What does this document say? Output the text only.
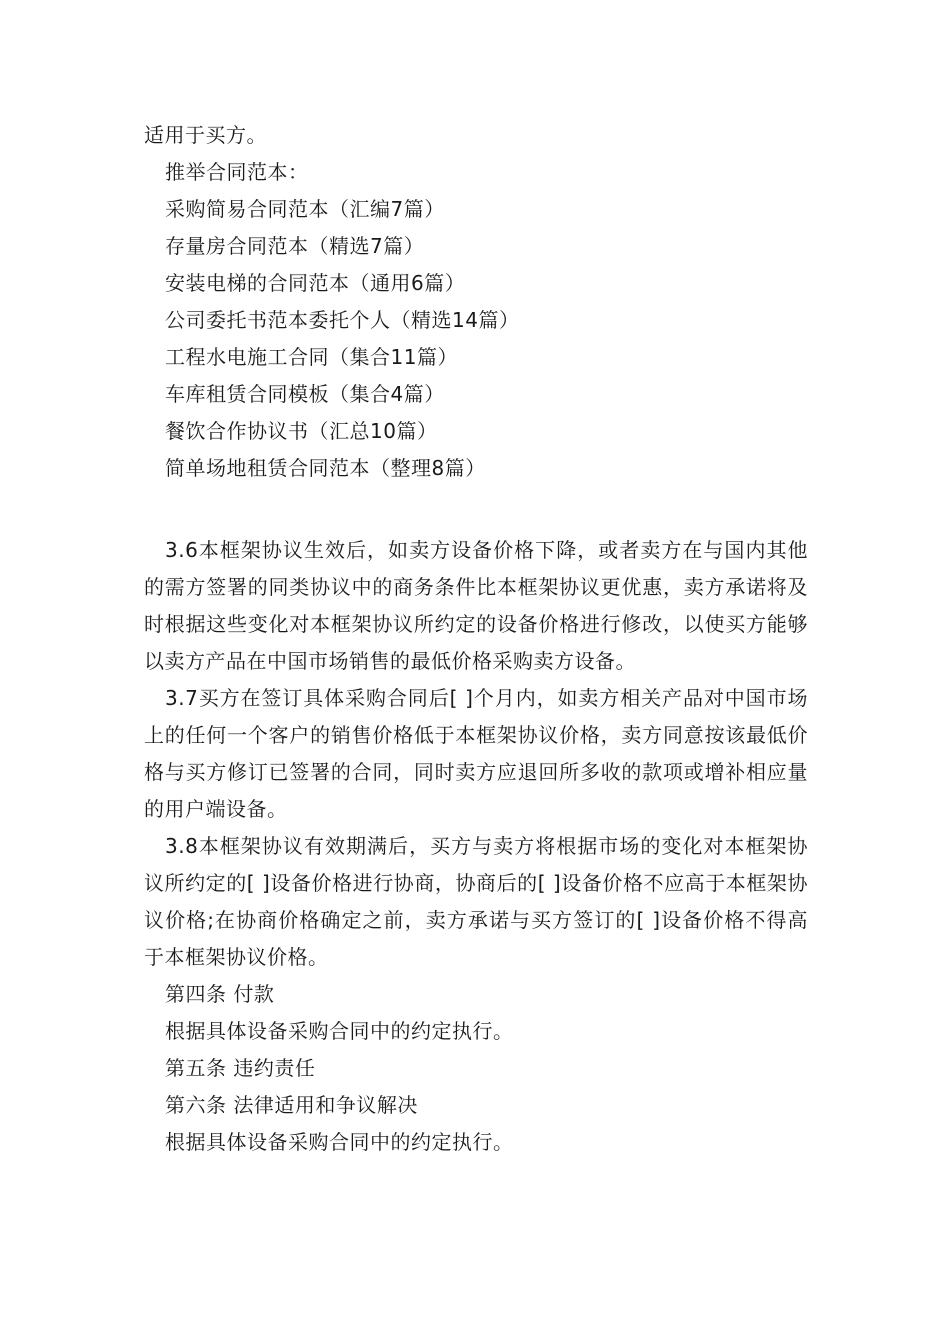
适用于买方。
推举合同范本：
采购简易合同范本（汇编7篇）
存量房合同范本（精选7篇）
安装电梯的合同范本（通用6篇）
公司委托书范本委托个人（精选14篇）
工程水电施工合同（集合11篇）
车库租赁合同模板（集合4篇）
餐饮合作协议书（汇总10篇）
简单场地租赁合同范本（整理8篇）
3.6本框架协议生效后，如卖方设备价格下降，或者卖方在与国内其他的需方签署的同类协议中的商务条件比本框架协议更优惠，卖方承诺将及时根据这些变化对本框架协议所约定的设备价格进行修改，以使买方能够以卖方产品在中国市场销售的最低价格采购卖方设备。
3.7买方在签订具体采购合同后[ ]个月内，如卖方相关产品对中国市场上的任何一个客户的销售价格低于本框架协议价格，卖方同意按该最低价格与买方修订已签署的合同，同时卖方应退回所多收的款项或增补相应量的用户端设备。
3.8本框架协议有效期满后，买方与卖方将根据市场的变化对本框架协议所约定的[ ]设备价格进行协商，协商后的[ ]设备价格不应高于本框架协议价格;在协商价格确定之前，卖方承诺与买方签订的[ ]设备价格不得高于本框架协议价格。
第四条 付款
根据具体设备采购合同中的约定执行。
第五条 违约责任
第六条 法律适用和争议解决
根据具体设备采购合同中的约定执行。
